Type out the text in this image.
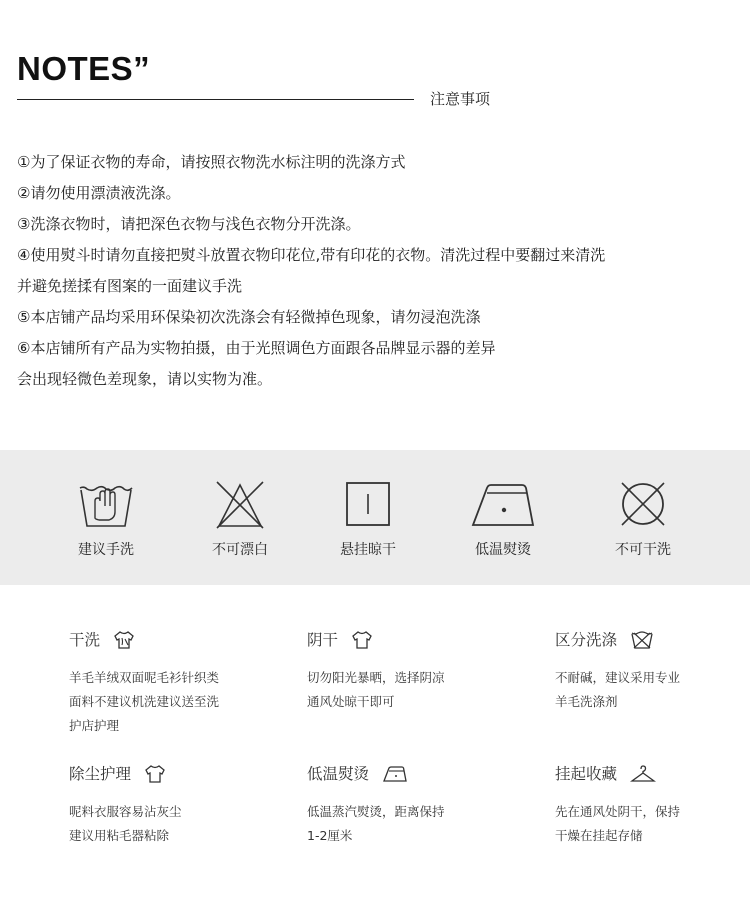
NOTES”
注意事项
①为了保证衣物的寿命，请按照衣物洗水标注明的洗涤方式
②请勿使用漂渍液洗涤。
③洗涤衣物时，请把深色衣物与浅色衣物分开洗涤。
④使用熨斗时请勿直接把熨斗放置衣物印花位,带有印花的衣物。清洗过程中要翻过来清洗
并避免搓揉有图案的一面建议手洗
⑤本店铺产品均采用环保染初次洗涤会有轻微掉色现象，请勿浸泡洗涤
⑥本店铺所有产品为实物拍摄，由于光照调色方面跟各品牌显示器的差异
会出现轻微色差现象，请以实物为准。
建议手洗	不可漂白	悬挂晾干	低温熨烫	不可干洗
干洗
羊毛羊绒双面呢毛衫针织类
面料不建议机洗建议送至洗
护店护理
阴干
切勿阳光暴晒，选择阴凉
通风处晾干即可
区分洗涤
不耐碱，建议采用专业
羊毛洗涤剂
除尘护理
呢料衣服容易沾灰尘
建议用粘毛器粘除
低温熨烫
低温蒸汽熨烫，距离保持
1-2厘米
挂起收藏
先在通风处阴干，保持
干燥在挂起存储
